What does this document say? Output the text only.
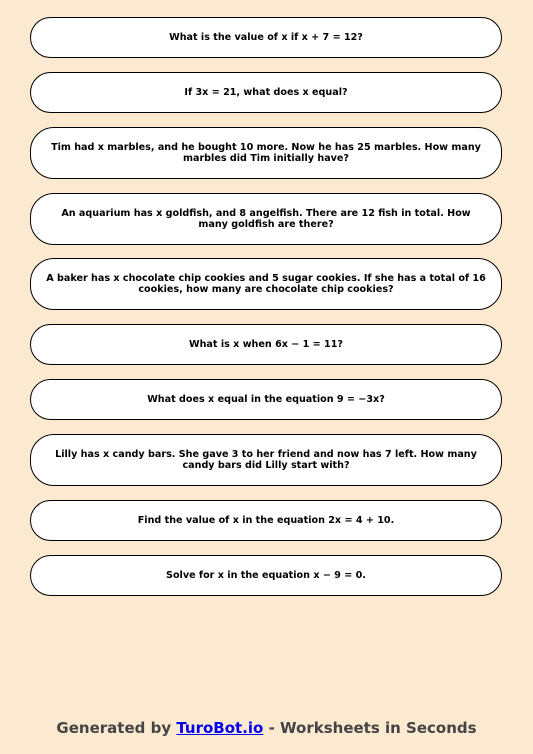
What is the value of x if x + 7 = 12?
If 3x = 21, what does x equal?
Tim had x marbles, and he bought 10 more. Now he has 25 marbles. How many marbles did Tim initially have?
An aquarium has x goldfish, and 8 angelfish. There are 12 fish in total. How many goldfish are there?
A baker has x chocolate chip cookies and 5 sugar cookies. If she has a total of 16 cookies, how many are chocolate chip cookies?
What is x when 6x − 1 = 11?
What does x equal in the equation 9 = −3x?
Lilly has x candy bars. She gave 3 to her friend and now has 7 left. How many candy bars did Lilly start with?
Find the value of x in the equation 2x = 4 + 10.
Solve for x in the equation x − 9 = 0.
Generated by TuroBot.io - Worksheets in Seconds
